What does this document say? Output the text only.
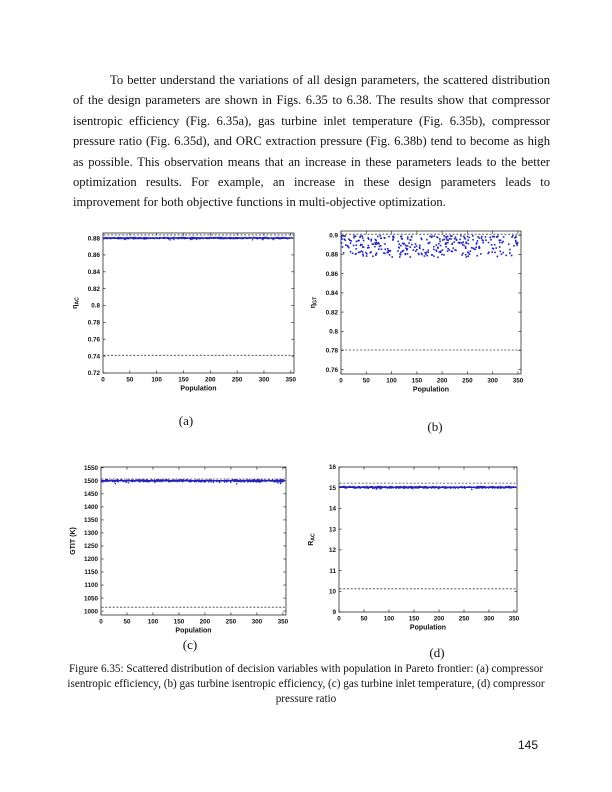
To better understand the variations of all design parameters, the scattered distribution of the design parameters are shown in Figs. 6.35 to 6.38. The results show that compressor isentropic efficiency (Fig. 6.35a), gas turbine inlet temperature (Fig. 6.35b), compressor pressure ratio (Fig. 6.35d), and ORC extraction pressure (Fig. 6.38b) tend to become as high as possible. This observation means that an increase in these parameters leads to the better optimization results. For example, an increase in these design parameters leads to improvement for both objective functions in multi-objective optimization.

0	50	100	150	200	250	300	350
0.72
0.74
0.76
0.78
0.8
0.82
0.84
0.86
0.88
Population
$\eta_{AC}$
(a)
0	50	100 150 200 250 300 350
0.76
0.78
0.8
0.82
0.84
0.86
0.88
0.9
Population
$\eta_{GT}$
(b)
0	50	100 150 200 250 300 350
1000
1050
1100
1150
1200
1250
1300
1350
1400
1450
1500
1550
Population
GTIT (K)
(c)
0	50	100 150 200 250 300 350
9
10
11
12
13
14
15
16
Population
$R_{AC}$
(d)
Figure 6.35: Scattered distribution of decision variables with population in Pareto frontier: (a) compressor isentropic efficiency, (b) gas turbine isentropic efficiency, (c) gas turbine inlet temperature, (d) compressor pressure ratio
145
